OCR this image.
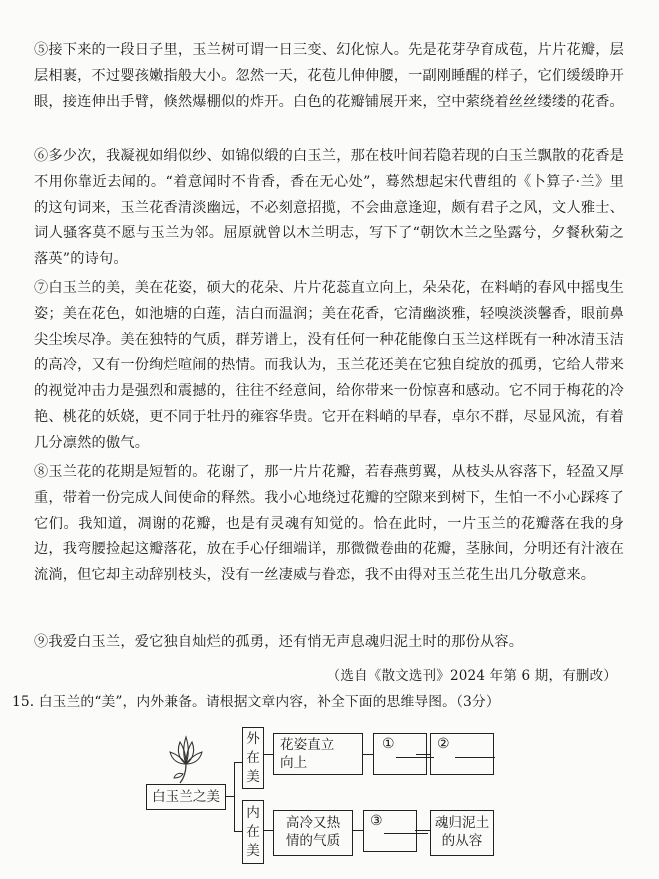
⑤接下来的一段日子里，玉兰树可谓一日三变、幻化惊人。先是花芽孕育成苞，片片花瓣，层层相裹，不过婴孩嫩指般大小。忽然一天，花苞儿伸伸腰，一副刚睡醒的样子，它们缓缓睁开眼，接连伸出手臂，倏然爆棚似的炸开。白色的花瓣铺展开来，空中萦绕着丝丝缕缕的花香。
⑥多少次，我凝视如绢似纱、如锦似缎的白玉兰，那在枝叶间若隐若现的白玉兰飘散的花香是不用你靠近去闻的。“着意闻时不肯香，香在无心处”，蓦然想起宋代曹组的《卜算子·兰》里的这句词来，玉兰花香清淡幽远，不必刻意招揽，不会曲意逢迎，颇有君子之风，文人雅士、词人骚客莫不愿与玉兰为邻。屈原就曾以木兰明志，写下了“朝饮木兰之坠露兮，夕餐秋菊之落英”的诗句。
⑦白玉兰的美，美在花姿，硕大的花朵、片片花蕊直立向上，朵朵花，在料峭的春风中摇曳生姿；美在花色，如池塘的白莲，洁白而温润；美在花香，它清幽淡雅，轻嗅淡淡馨香，眼前鼻尖尘埃尽净。美在独特的气质，群芳谱上，没有任何一种花能像白玉兰这样既有一种冰清玉洁的高冷，又有一份绚烂喧闹的热情。而我认为，玉兰花还美在它独自绽放的孤勇，它给人带来的视觉冲击力是强烈和震撼的，往往不经意间，给你带来一份惊喜和感动。它不同于梅花的冷艳、桃花的妖娆，更不同于牡丹的雍容华贵。它开在料峭的早春，卓尔不群，尽显风流，有着几分凛然的傲气。
⑧玉兰花的花期是短暂的。花谢了，那一片片花瓣，若春燕剪翼，从枝头从容落下，轻盈又厚重，带着一份完成人间使命的释然。我小心地绕过花瓣的空隙来到树下，生怕一不小心踩疼了它们。我知道，凋谢的花瓣，也是有灵魂有知觉的。恰在此时，一片玉兰的花瓣落在我的身边，我弯腰捡起这瓣落花，放在手心仔细端详，那微微卷曲的花瓣，茎脉间，分明还有汁液在流淌，但它却主动辞别枝头，没有一丝凄威与眷恋，我不由得对玉兰花生出几分敬意来。
⑨我爱白玉兰，爱它独自灿烂的孤勇，还有悄无声息魂归泥土时的那份从容。
（选自《散文选刊》2024 年第 6 期，有删改）
15. 白玉兰的“美”，内外兼备。请根据文章内容，补全下面的思维导图。（3分）
白玉兰之美
外在美
内在美
花姿直立向上
①	②
高冷又热情的气质
③	魂归泥土的从容
